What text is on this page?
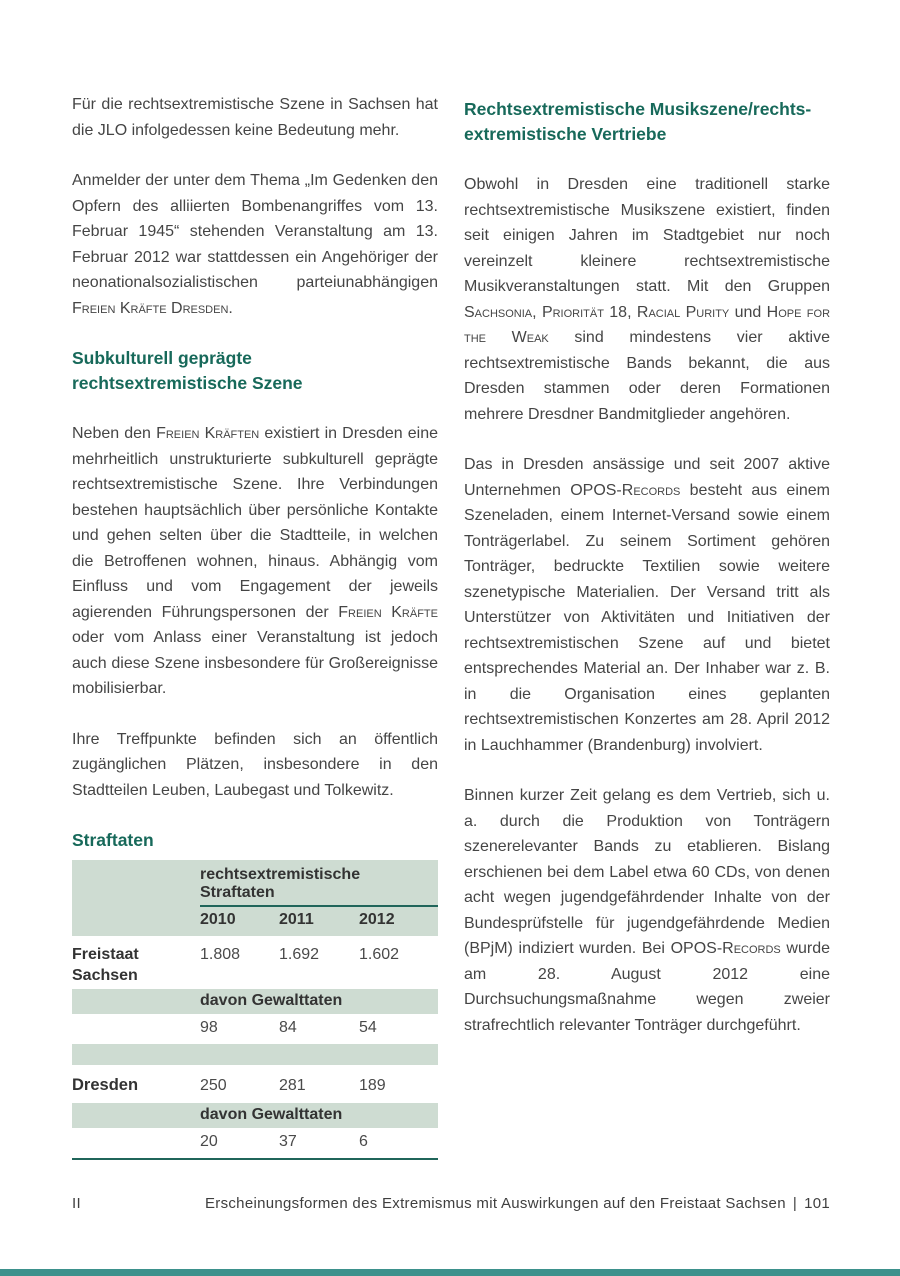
Für die rechtsextremistische Szene in Sachsen hat die JLO infolgedessen keine Bedeutung mehr.

Anmelder der unter dem Thema „Im Gedenken den Opfern des alliierten Bombenangriffes vom 13. Februar 1945“ stehenden Veranstaltung am 13. Februar 2012 war stattdessen ein Angehöriger der neonationalsozialistischen parteiunabhängigen Freien Kräfte Dresden.

Subkulturell geprägte
rechtsextremistische Szene

Neben den Freien Kräften existiert in Dresden eine mehrheitlich unstrukturierte subkulturell geprägte rechtsextremistische Szene. Ihre Verbindungen bestehen hauptsächlich über persönliche Kontakte und gehen selten über die Stadtteile, in welchen die Betroffenen wohnen, hinaus. Abhängig vom Einfluss und vom Engagement der jeweils agierenden Führungspersonen der Freien Kräfte oder vom Anlass einer Veranstaltung ist jedoch auch diese Szene insbesondere für Großereignisse mobilisierbar.

Ihre Treffpunkte befinden sich an öffentlich zugänglichen Plätzen, insbesondere in den Stadtteilen Leuben, Laubegast und Tolkewitz.

Straftaten
	rechtsextremistische Straftaten		
	2010	2011	2012
Freistaat Sachsen	1.808	1.692	1.602
	davon Gewalttaten		
	98	84	54

Dresden	250	281	189
	davon Gewalttaten		
	20	37	6
Rechtsextremistische Musikszene/rechts-
extremistische Vertriebe

Obwohl in Dresden eine traditionell starke rechtsextremistische Musikszene existiert, finden seit einigen Jahren im Stadtgebiet nur noch vereinzelt kleinere rechtsextremistische Musikveranstaltungen statt. Mit den Gruppen Sachsonia, Priorität 18, Racial Purity und Hope for the Weak sind mindestens vier aktive rechtsextremistische Bands bekannt, die aus Dresden stammen oder deren Formationen mehrere Dresdner Bandmitglieder angehören.

Das in Dresden ansässige und seit 2007 aktive Unternehmen OPOS-Records besteht aus einem Szeneladen, einem Internet-Versand sowie einem Tonträgerlabel. Zu seinem Sortiment gehören Tonträger, bedruckte Textilien sowie weitere szenetypische Materialien. Der Versand tritt als Unterstützer von Aktivitäten und Initiativen der rechtsextremistischen Szene auf und bietet entsprechendes Material an. Der Inhaber war z. B. in die Organisation eines geplanten rechtsextremistischen Konzertes am 28. April 2012 in Lauchhammer (Brandenburg) involviert.

Binnen kurzer Zeit gelang es dem Vertrieb, sich u. a. durch die Produktion von Tonträgern szenerelevanter Bands zu etablieren. Bislang erschienen bei dem Label etwa 60 CDs, von denen acht wegen jugendgefährdender Inhalte von der Bundesprüfstelle für jugendgefährdende Medien (BPjM) indiziert wurden. Bei OPOS-Records wurde am 28. August 2012 eine Durchsuchungsmaßnahme wegen zweier strafrechtlich relevanter Tonträger durchgeführt.

II	Erscheinungsformen des Extremismus mit Auswirkungen auf den Freistaat Sachsen | 101
